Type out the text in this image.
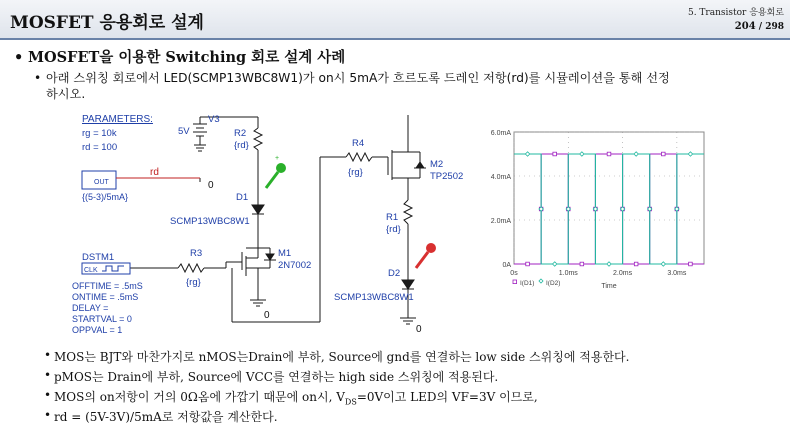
MOSFET 응용회로 설계	5. Transistor 응용회로
204 / 298
• MOSFET을 이용한 Switching 회로 설계 사례
• 아래 스위칭 회로에서 LED(SCMP13WBC8W1)가 on시 5mA가 흐르도록 드레인 저항(rd)를 시뮬레이션을 통해 선정
하시오.
PARAMETERS:
rg = 10k
rd = 100
V3
5V	R2
{rd}
0
OUT
{(5-3)/5mA}
rd
+
D1
SCMP13WBC8W1
R4
{rg}
M2
TP2502
R1
{rd}
D2
SCMP13WBC8W1
0
DSTM1
CLK
R3
{rg}
M1
2N7002
0
OFFTIME = .5mS
ONTIME = .5mS
DELAY =
STARTVAL = 0
OPPVAL = 1
6.0mA
4.0mA
2.0mA
0A
0s	1.0ms	2.0ms	3.0ms
I(D1) I(D2)	Time
• MOS는 BJT와 마찬가지로 nMOS는Drain에 부하, Source에 gnd를 연결하는 low side 스위칭에 적용한다.
• pMOS는 Drain에 부하, Source에 VCC를 연결하는 high side 스위칭에 적용된다.
• MOS의 on저항이 거의 0Ω옴에 가깝기 때문에 on시, $V_{DS}=0V$이고 LED의 VF=3V 이므로,
• rd = (5V-3V)/5mA로 저항값을 계산한다.
